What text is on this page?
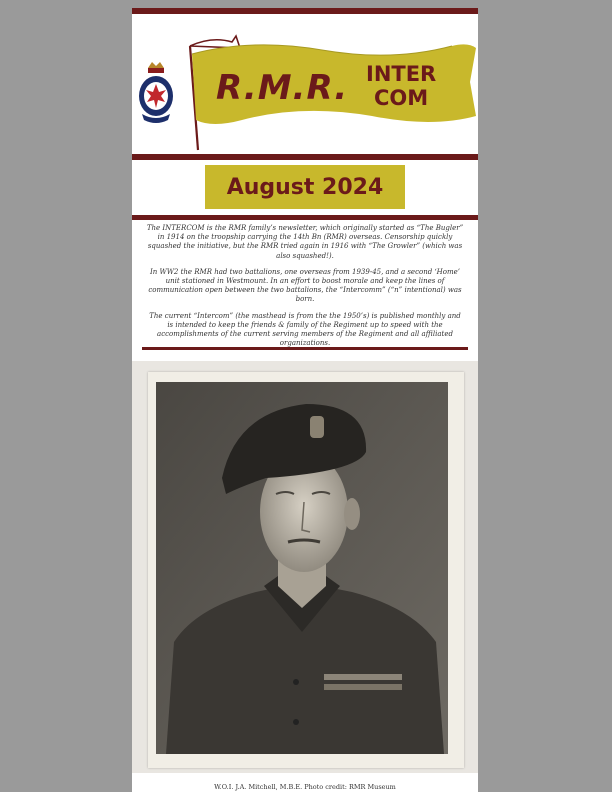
R.M.R. INTER
COM
August 2024

The INTERCOM is the RMR family’s newsletter, which originally started as “The Bugler” in 1914 on the troopship carrying the 14th Bn (RMR) overseas. Censorship quickly squashed the initiative, but the RMR tried again in 1916 with “The Growler” (which was also squashed!).

In WW2 the RMR had two battalions, one overseas from 1939-45, and a second ‘Home’ unit stationed in Westmount. In an effort to boost morale and keep the lines of communication open between the two battalions, the “Intercomm” (“n” intentional) was born.

The current “Intercom” (the masthead is from the the 1950’s) is published monthly and is intended to keep the friends & family of the Regiment up to speed with the accomplishments of the current serving members of the Regiment and all affiliated organizations.

W.O.I. J.A. Mitchell, M.B.E. Photo credit: RMR Museum
